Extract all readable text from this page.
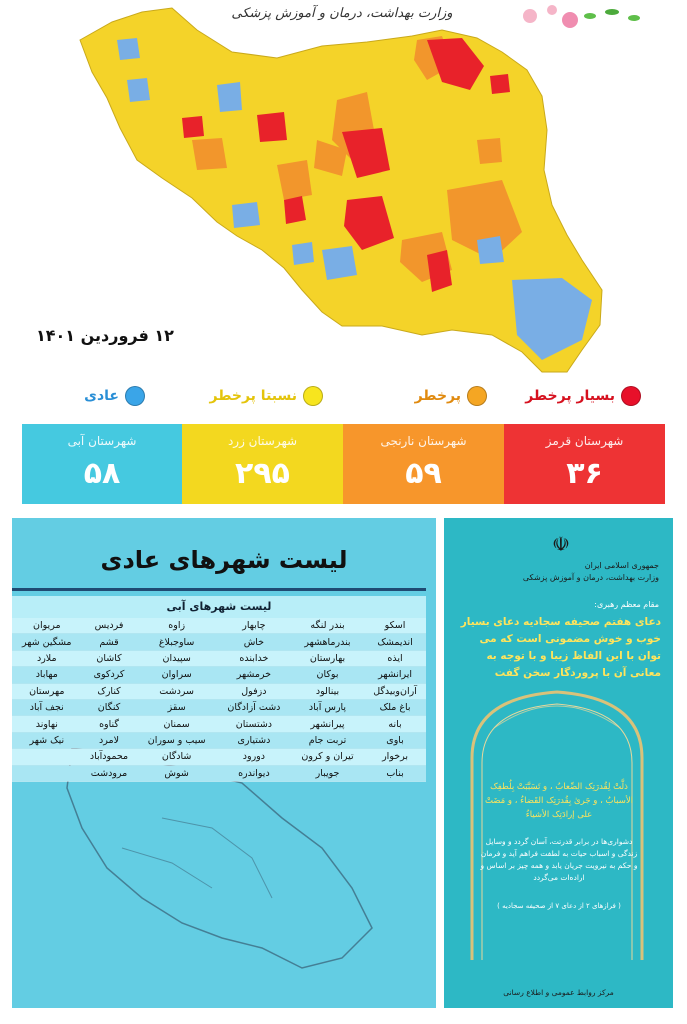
وزارت بهداشت، درمان و آموزش پزشکی
۱۲ فروردین ۱۴۰۱
بسیار پرخطر
پرخطر
نسبتا پرخطر
عادی
شهرستان قرمز
۳۶
شهرستان نارنجی
۵۹
شهرستان زرد
۲۹۵
شهرستان آبی
۵۸
لیست شهرهای عادی
لیست شهرهای آبی
اسکو	بندر لنگه	چابهار	زاوه	فردیس	مریوان
اندیمشک	بندرماهشهر	خاش	ساوجبلاغ	قشم	مشگین شهر
ایذه	بهارستان	خدابنده	سپیدان	کاشان	ملارد
ایرانشهر	بوکان	خرمشهر	سراوان	کردکوی	مهاباد
آران‌وبیدگل	بینالود	دزفول	سردشت	کنارک	مهرستان
باغ ملک	پارس آباد	دشت آزادگان	سقز	کنگان	نجف آباد
بانه	پیرانشهر	دشتستان	سمنان	گناوه	نهاوند
باوی	تربت جام	دشتیاری	سیب و سوران	لامرد	نیک شهر
برخوار	تیران و کرون	دورود	شادگان	محمودآباد	
بناب	جویبار	دیواندره	شوش	مرودشت	
☫
جمهوری اسلامی ایران
وزارت بهداشت، درمان و آموزش پزشکی
مقام معظم رهبری:
دعای هفتم صحیفه سجادیه دعای بسیار خوب و خوش مضمونی است که می توان با این الفاظ زیبا و با توجه به معانی آن با پروردگار سخن گفت
ذلَّتْ لِقُدرَتِک الصِّعابُ ، و تَسَبَّبَتْ بِلُطفِک الأسبابُ ، و جَرىٰ بِقُدرَتِک القَضاءُ ، و مَضَتْ على إرادَتِک الأشیاءُ
دشواری‌ها در برابر قدرتت، آسان گردد و وسایل زندگی و اسباب حیات به لطفت فراهم آید و فرمان و حکم به نیرویت جریان یابد و همه چیز بر اساس و اراده‌ات می‌گردد
( فرازهای ۲ از دعای ۷ از صحیفه سجادیه )
مرکز روابط عمومی و اطلاع رسانی
